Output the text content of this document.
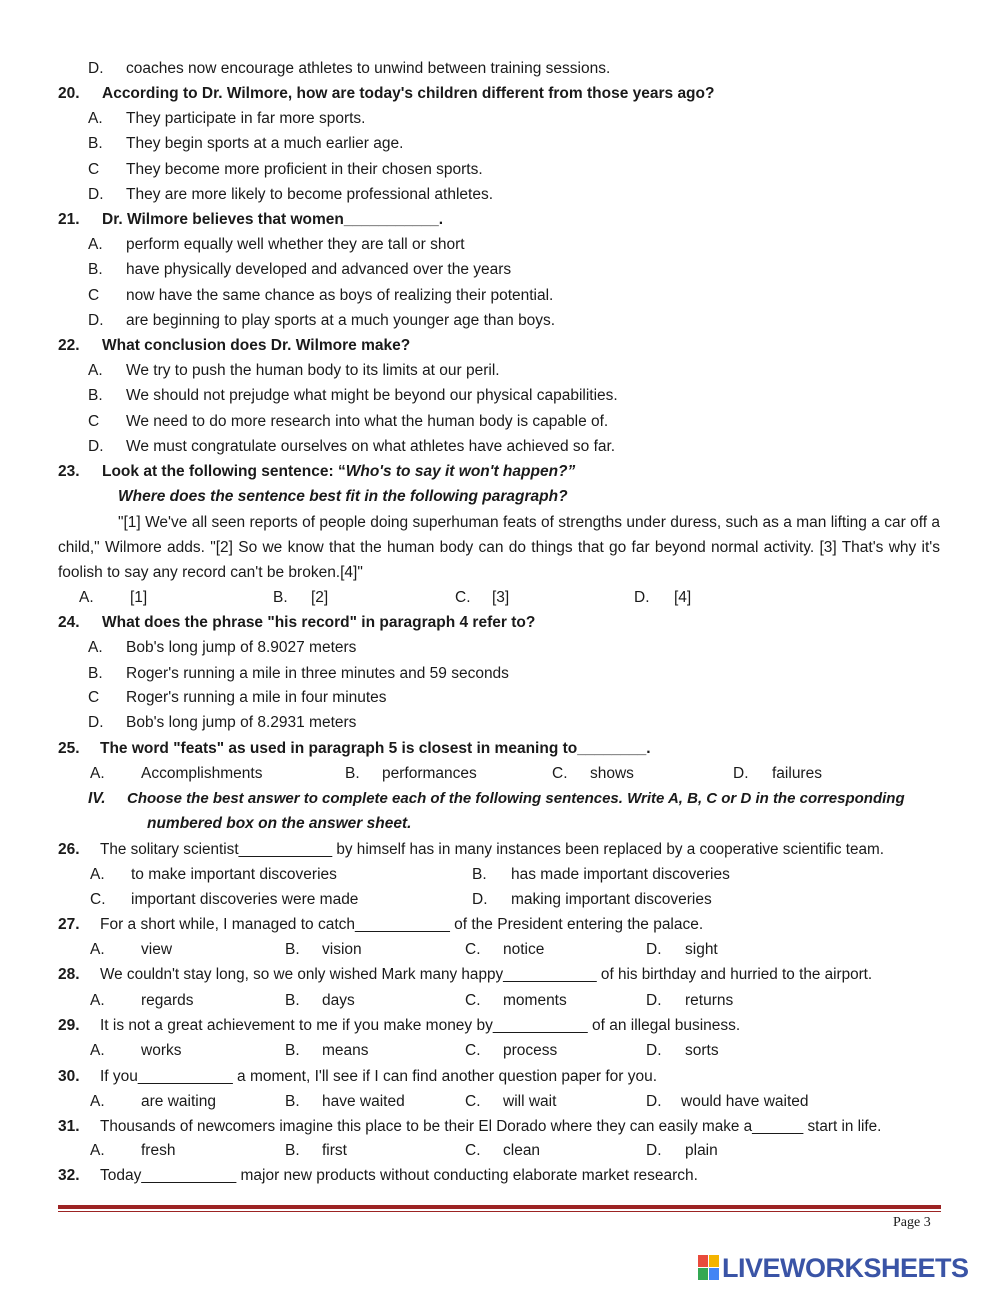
D. coaches now encourage athletes to unwind between training sessions.
20. According to Dr. Wilmore, how are today's children different from those years ago?
A. They participate in far more sports.
B. They begin sports at a much earlier age.
C They become more proficient in their chosen sports.
D. They are more likely to become professional athletes.
21. Dr. Wilmore believes that women___________.
A. perform equally well whether they are tall or short
B. have physically developed and advanced over the years
C now have the same chance as boys of realizing their potential.
D. are beginning to play sports at a much younger age than boys.
22. What conclusion does Dr. Wilmore make?
A. We try to push the human body to its limits at our peril.
B. We should not prejudge what might be beyond our physical capabilities.
C We need to do more research into what the human body is capable of.
D. We must congratulate ourselves on what athletes have achieved so far.
23. Look at the following sentence: “Who's to say it won't happen?”
Where does the sentence best fit in the following paragraph?
"[1] We've all seen reports of people doing superhuman feats of strengths under duress, such as a man lifting a car off a child," Wilmore adds. "[2] So we know that the human body can do things that go far beyond normal activity. [3] That's why it's foolish to say any record can't be broken.[4]"
A. [1]	B. [2]	C. [3]	D. [4]
24. What does the phrase "his record" in paragraph 4 refer to?
A. Bob's long jump of 8.9027 meters
B. Roger's running a mile in three minutes and 59 seconds
C Roger's running a mile in four minutes
D. Bob's long jump of 8.2931 meters
25. The word "feats" as used in paragraph 5 is closest in meaning to________.
A. Accomplishments	B. performances	C. shows	D. failures
IV. Choose the best answer to complete each of the following sentences. Write A, B, C or D in the corresponding
numbered box on the answer sheet.
26. The solitary scientist___________ by himself has in many instances been replaced by a cooperative scientific team.
A. to make important discoveries	B. has made important discoveries
C. important discoveries were made	D. making important discoveries
27. For a short while, I managed to catch___________ of the President entering the palace.
A. view	B. vision	C. notice	D. sight
28. We couldn't stay long, so we only wished Mark many happy___________ of his birthday and hurried to the airport.
A. regards	B. days	C. moments	D. returns
29. It is not a great achievement to me if you make money by___________ of an illegal business.
A. works	B. means	C. process	D. sorts
30. If you___________ a moment, I'll see if I can find another question paper for you.
A. are waiting	B. have waited	C. will wait	D. would have waited
31. Thousands of newcomers imagine this place to be their El Dorado where they can easily make a______ start in life.
A. fresh	B. first	C. clean	D. plain
32. Today___________ major new products without conducting elaborate market research.
Page 3
LIVEWORKSHEETS
